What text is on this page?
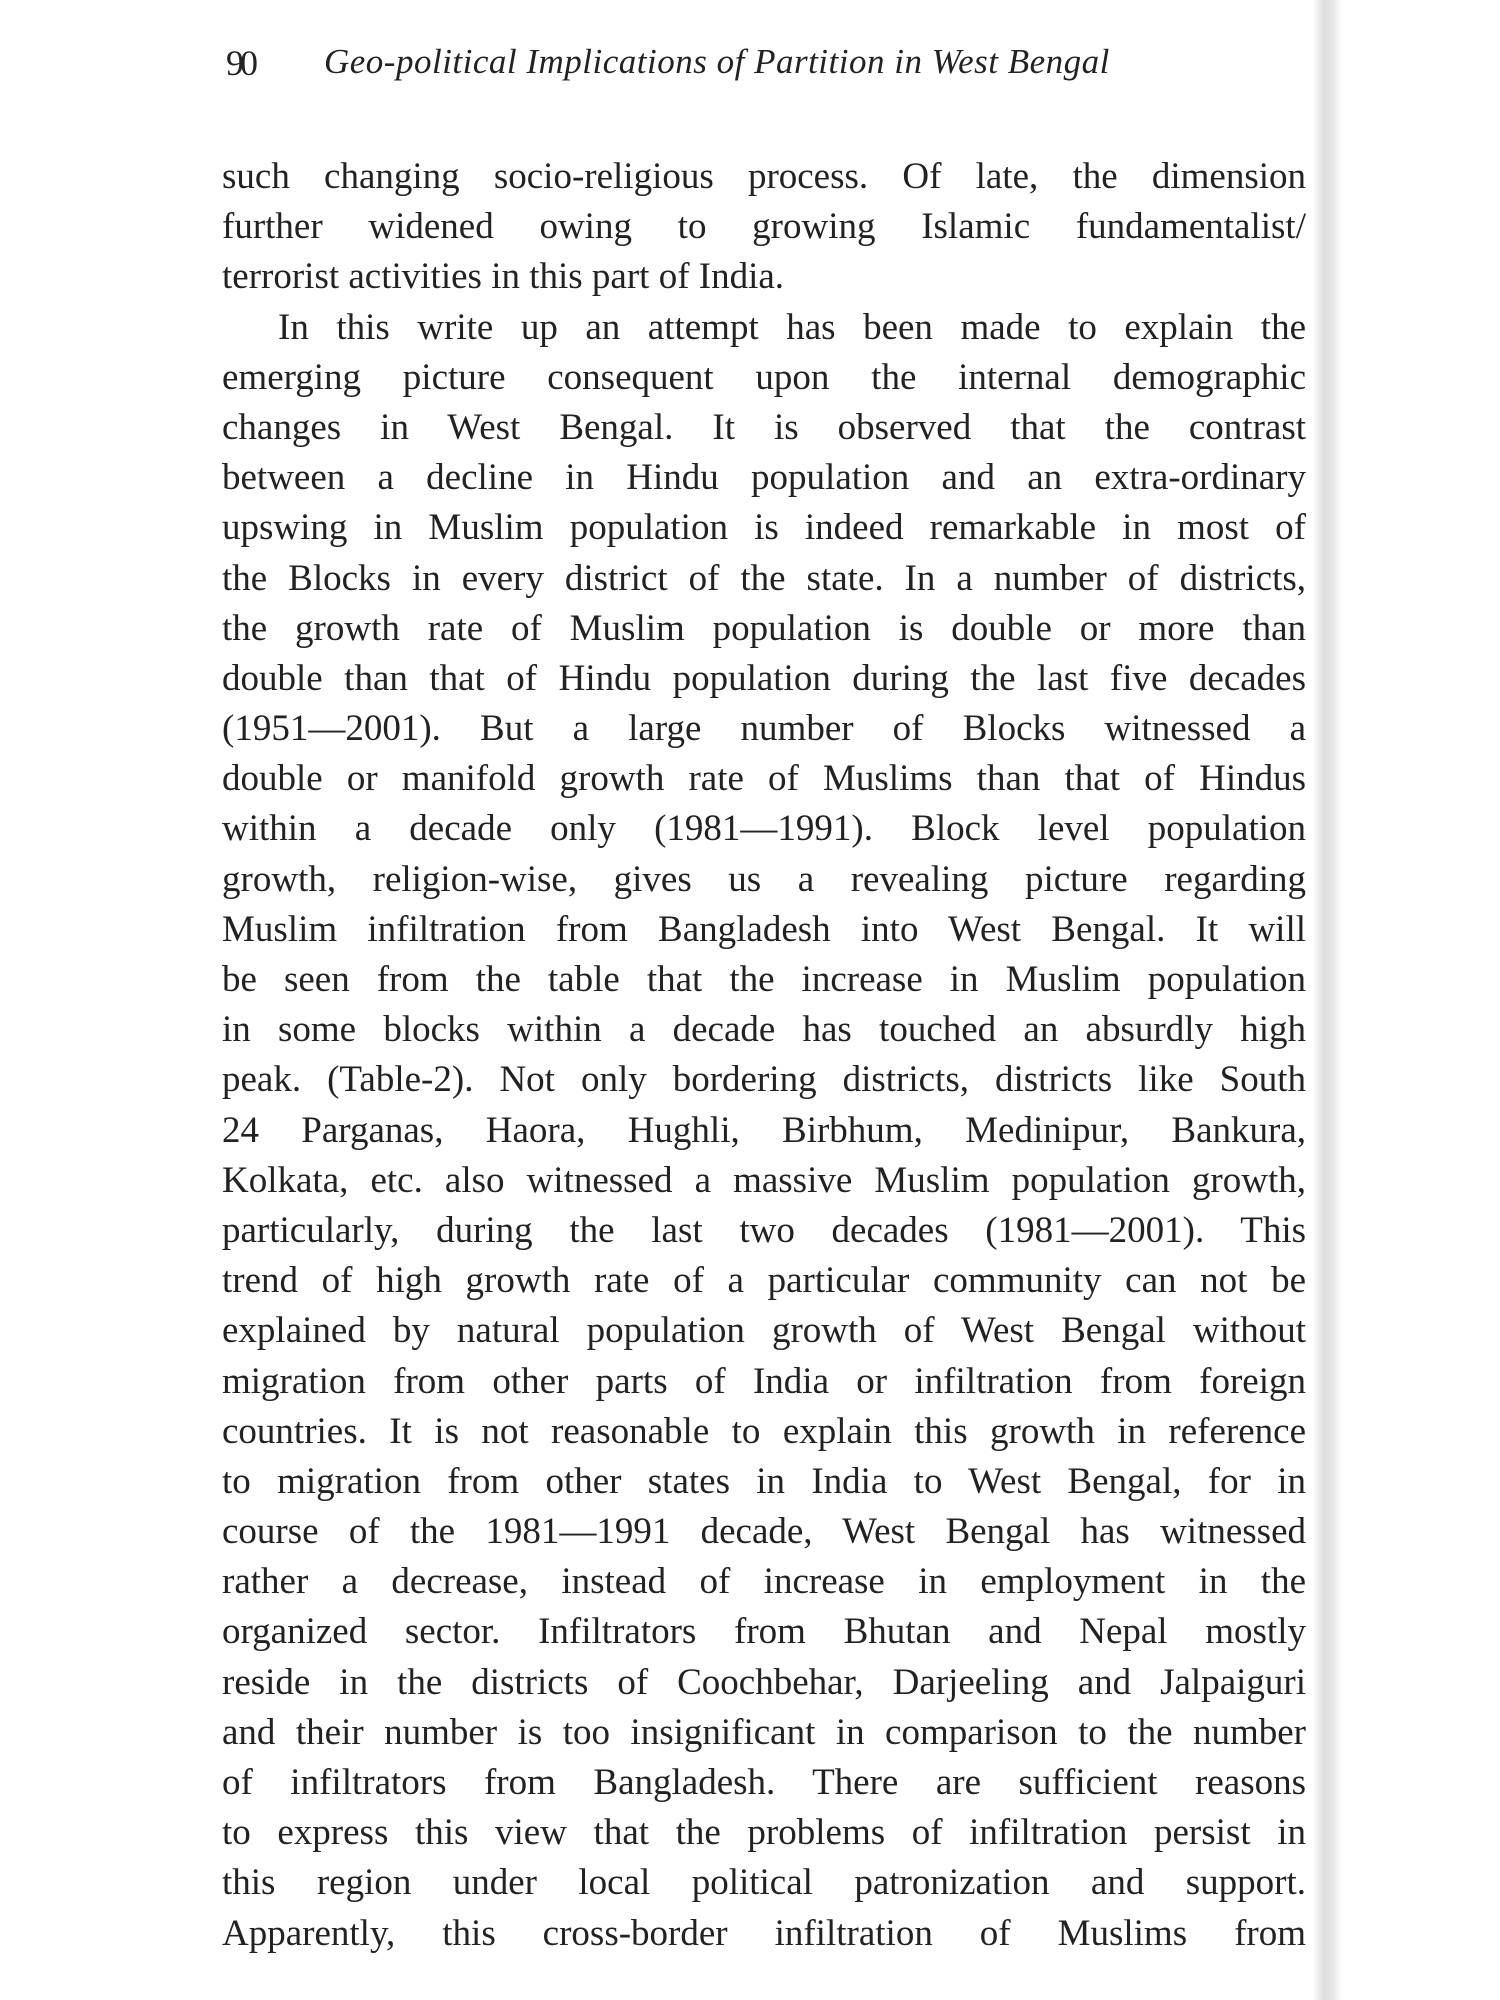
90 Geo-political Implications of Partition in West Bengal
such changing socio-religious process. Of late, the dimension
further widened owing to growing Islamic fundamentalist/
terrorist activities in this part of India.
In this write up an attempt has been made to explain the
emerging picture consequent upon the internal demographic
changes in West Bengal. It is observed that the contrast
between a decline in Hindu population and an extra-ordinary
upswing in Muslim population is indeed remarkable in most of
the Blocks in every district of the state. In a number of districts,
the growth rate of Muslim population is double or more than
double than that of Hindu population during the last five decades
(1951—2001). But a large number of Blocks witnessed a
double or manifold growth rate of Muslims than that of Hindus
within a decade only (1981—1991). Block level population
growth, religion-wise, gives us a revealing picture regarding
Muslim infiltration from Bangladesh into West Bengal. It will
be seen from the table that the increase in Muslim population
in some blocks within a decade has touched an absurdly high
peak. (Table-2). Not only bordering districts, districts like South
24 Parganas, Haora, Hughli, Birbhum, Medinipur, Bankura,
Kolkata, etc. also witnessed a massive Muslim population growth,
particularly, during the last two decades (1981—2001). This
trend of high growth rate of a particular community can not be
explained by natural population growth of West Bengal without
migration from other parts of India or infiltration from foreign
countries. It is not reasonable to explain this growth in reference
to migration from other states in India to West Bengal, for in
course of the 1981—1991 decade, West Bengal has witnessed
rather a decrease, instead of increase in employment in the
organized sector. Infiltrators from Bhutan and Nepal mostly
reside in the districts of Coochbehar, Darjeeling and Jalpaiguri
and their number is too insignificant in comparison to the number
of infiltrators from Bangladesh. There are sufficient reasons
to express this view that the problems of infiltration persist in
this region under local political patronization and support.
Apparently, this cross-border infiltration of Muslims from
